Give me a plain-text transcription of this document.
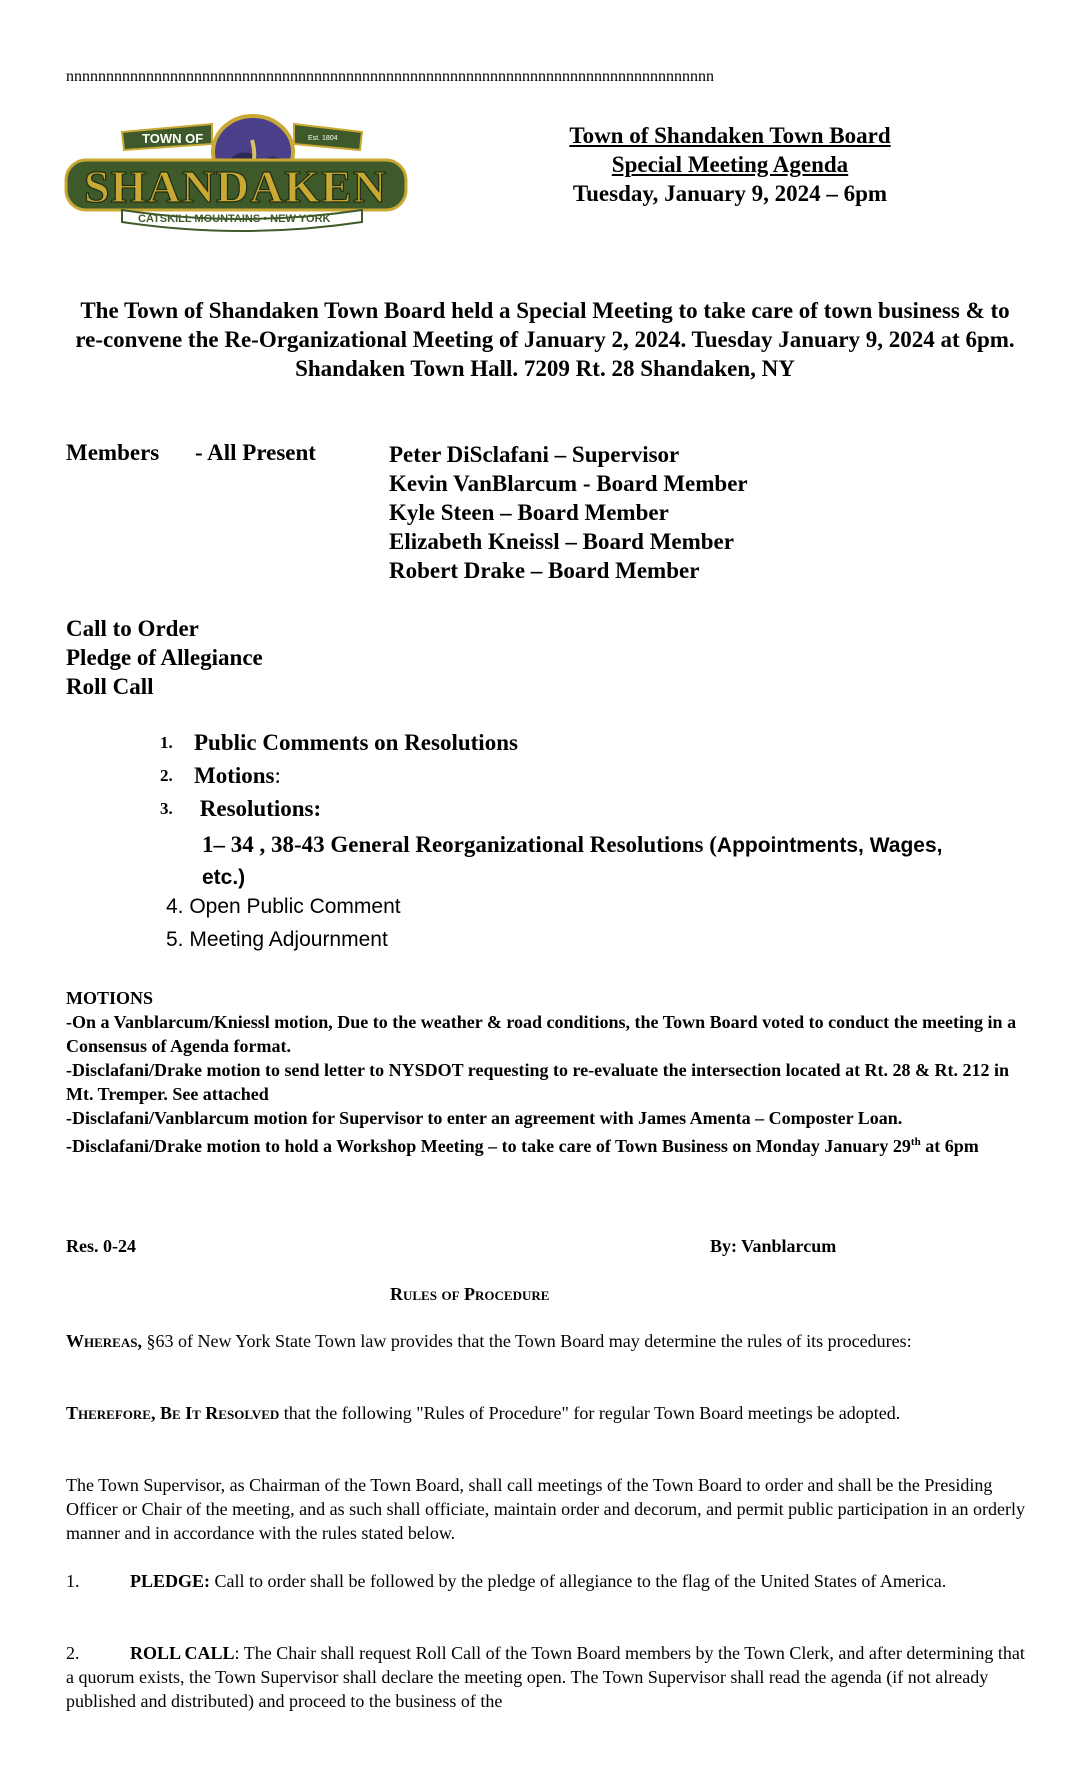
nnnnnnnnnnnnnnnnnnnnnnnnnnnnnnnnnnnnnnnnnnnnnnnnnnnnnnnnnnnnnnnnnnnnnnnnnnnnnnnnn
SHANDAKEN
CATSKILL MOUNTAINS • NEW YORK
TOWN OF	Est. 1804	Town of Shandaken Town Board
Special Meeting Agenda
Tuesday, January 9, 2024 – 6pm
The Town of Shandaken Town Board held a Special Meeting to take care of town business & to re-convene the Re-Organizational Meeting of January 2, 2024. Tuesday January 9, 2024 at 6pm. Shandaken Town Hall. 7209 Rt. 28 Shandaken, NY
Members - All Present	Peter DiSclafani – Supervisor
Kevin VanBlarcum - Board Member
Kyle Steen – Board Member
Elizabeth Kneissl – Board Member
Robert Drake – Board Member
Call to Order
Pledge of Allegiance
Roll Call
1. Public Comments on Resolutions
2. Motions:
3. Resolutions:
1– 34 , 38-43 General Reorganizational Resolutions (Appointments, Wages,
etc.)
4. Open Public Comment
5. Meeting Adjournment
MOTIONS
-On a Vanblarcum/Kniessl motion, Due to the weather & road conditions, the Town Board voted to conduct the meeting in a Consensus of Agenda format.
-Disclafani/Drake motion to send letter to NYSDOT requesting to re-evaluate the intersection located at Rt. 28 & Rt. 212 in Mt. Tremper. See attached
-Disclafani/Vanblarcum motion for Supervisor to enter an agreement with James Amenta – Composter Loan.
-Disclafani/Drake motion to hold a Workshop Meeting – to take care of Town Business on Monday January 29th at 6pm
Res. 0-24	By: Vanblarcum
Rules of Procedure
Whereas, §63 of New York State Town law provides that the Town Board may determine the rules of its procedures:
Therefore, Be It Resolved that the following "Rules of Procedure" for regular Town Board meetings be adopted.
The Town Supervisor, as Chairman of the Town Board, shall call meetings of the Town Board to order and shall be the Presiding Officer or Chair of the meeting, and as such shall officiate, maintain order and decorum, and permit public participation in an orderly manner and in accordance with the rules stated below.
1.	PLEDGE: Call to order shall be followed by the pledge of allegiance to the flag of the United States of America.
2.	ROLL CALL: The Chair shall request Roll Call of the Town Board members by the Town Clerk, and after determining that a quorum exists, the Town Supervisor shall declare the meeting open. The Town Supervisor shall read the agenda (if not already published and distributed) and proceed to the business of the
